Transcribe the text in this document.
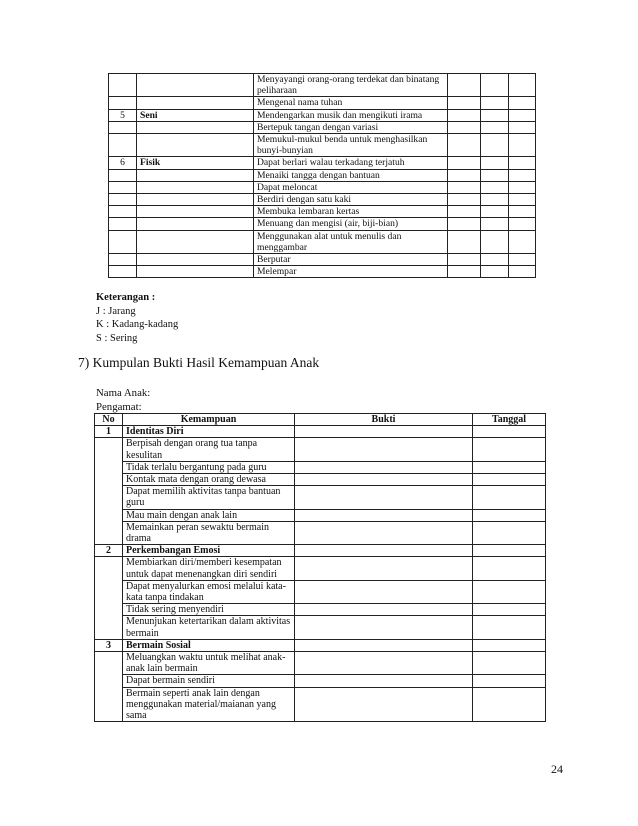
		Menyayangi orang-orang terdekat dan binatang peliharaan			
		Mengenal nama tuhan			
5	Seni	Mendengarkan musik dan mengikuti irama			
		Bertepuk tangan dengan variasi			
		Memukul-mukul benda untuk menghasilkan bunyi-bunyian			
6	Fisik	Dapat berlari walau terkadang terjatuh			
		Menaiki tangga dengan bantuan			
		Dapat meloncat			
		Berdiri dengan satu kaki			
		Membuka lembaran kertas			
		Menuang dan mengisi (air, biji-bian)			
		Menggunakan alat untuk menulis dan menggambar			
		Berputar			
		Melempar			
Keterangan :
J : Jarang
K : Kadang-kadang
S : Sering
7) Kumpulan Bukti Hasil Kemampuan Anak
Nama Anak:
Pengamat:
No	Kemampuan	Bukti	Tanggal
1	Identitas Diri		
	Berpisah dengan orang tua tanpa kesulitan		
	Tidak terlalu bergantung pada guru		
	Kontak mata dengan orang dewasa		
	Dapat memilih aktivitas tanpa bantuan guru		
	Mau main dengan anak lain		
	Memainkan peran sewaktu bermain drama		
2	Perkembangan Emosi		
	Membiarkan diri/memberi kesempatan untuk dapat menenangkan diri sendiri		
	Dapat menyalurkan emosi melalui kata-kata tanpa tindakan		
	Tidak sering menyendiri		
	Menunjukan ketertarikan dalam aktivitas bermain		
3	Bermain Sosial		
	Meluangkan waktu untuk melihat anak-anak lain bermain		
	Dapat bermain sendiri		
	Bermain seperti anak lain dengan menggunakan material/maianan yang sama		
24
